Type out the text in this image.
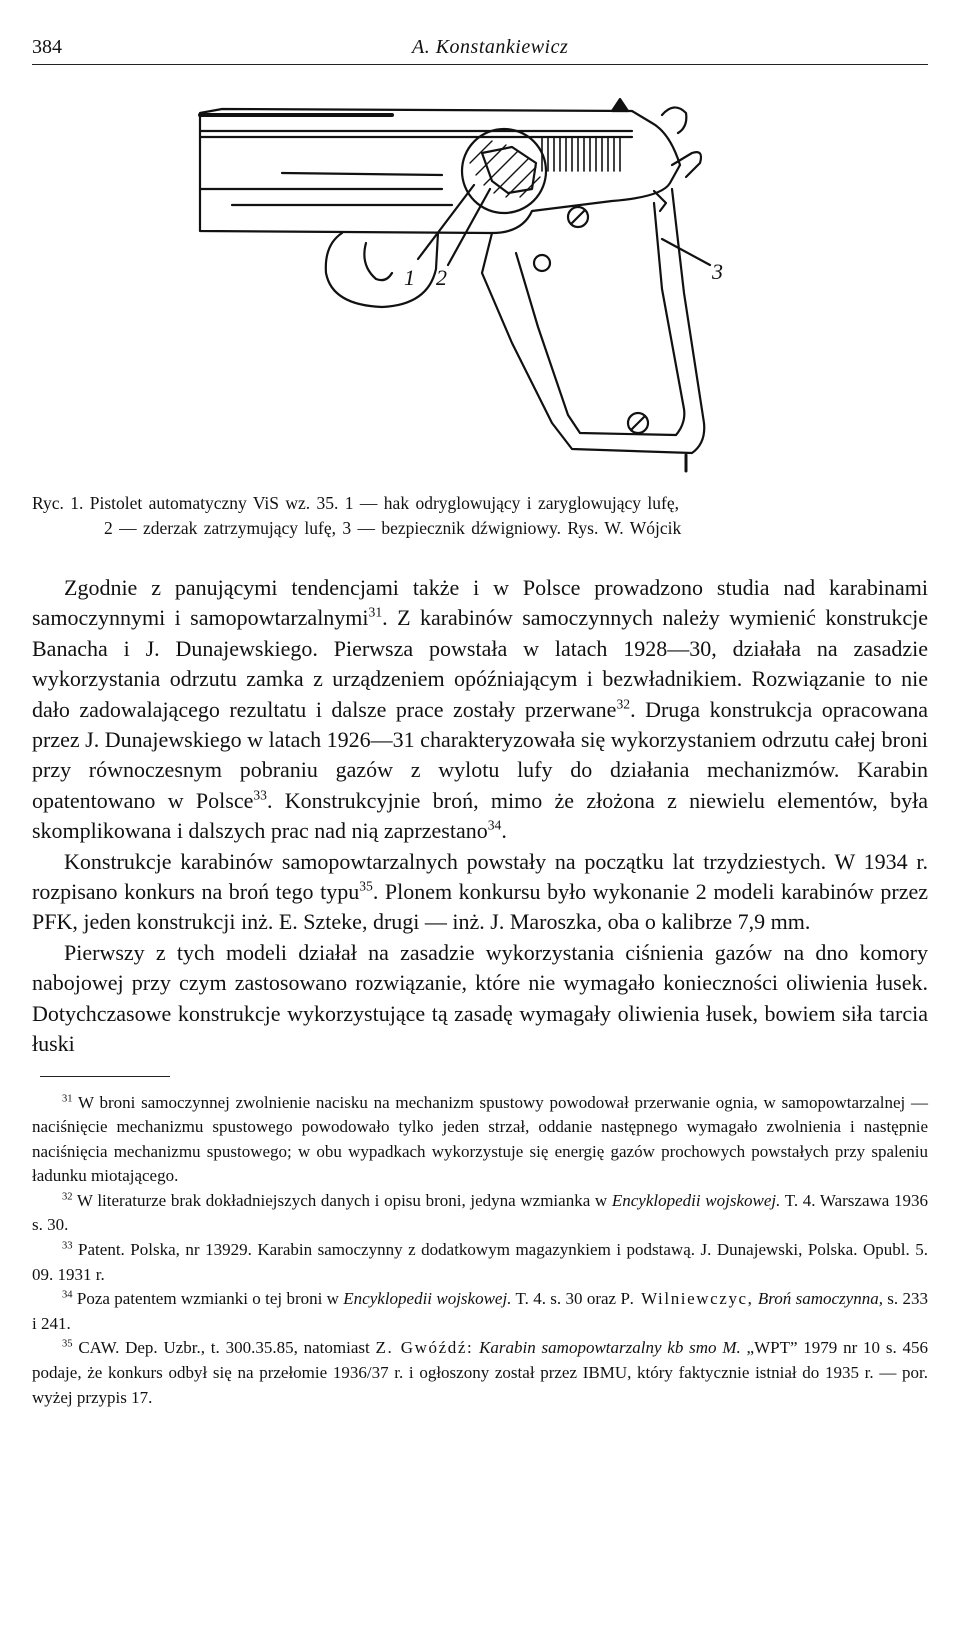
384	A. Konstankiewicz
1 2	3
Ryc. 1. Pistolet automatyczny ViS wz. 35. 1 — hak odryglowujący i zaryglowujący lufę,
2 — zderzak zatrzymujący lufę, 3 — bezpiecznik dźwigniowy. Rys. W. Wójcik

Zgodnie z panującymi tendencjami także i w Polsce prowadzono studia nad karabinami samoczynnymi i samopowtarzalnymi$^{31}$. Z karabinów samoczynnych należy wymienić konstrukcje Banacha i J. Dunajewskiego. Pierwsza powstała w latach 1928—30, działała na zasadzie wykorzystania odrzutu zamka z urządzeniem opóźniającym i bezwładnikiem. Rozwiązanie to nie dało zadowalającego rezultatu i dalsze prace zostały przerwane$^{32}$. Druga konstrukcja opracowana przez J. Dunajewskiego w latach 1926—31 charakteryzowała się wykorzystaniem odrzutu całej broni przy równoczesnym pobraniu gazów z wylotu lufy do działania mechanizmów. Karabin opatentowano w Polsce$^{33}$. Konstrukcyjnie broń, mimo że złożona z niewielu elementów, była skomplikowana i dalszych prac nad nią zaprzestano$^{34}$.

Konstrukcje karabinów samopowtarzalnych powstały na początku lat trzydziestych. W 1934 r. rozpisano konkurs na broń tego typu$^{35}$. Plonem konkursu było wykonanie 2 modeli karabinów przez PFK, jeden konstrukcji inż. E. Szteke, drugi — inż. J. Maroszka, oba o kalibrze 7,9 mm.

Pierwszy z tych modeli działał na zasadzie wykorzystania ciśnienia gazów na dno komory nabojowej przy czym zastosowano rozwiązanie, które nie wymagało konieczności oliwienia łusek. Dotychczasowe konstrukcje wykorzystujące tą zasadę wymagały oliwienia łusek, bowiem siła tarcia łuski

$^{31}$ W broni samoczynnej zwolnienie nacisku na mechanizm spustowy powodował przerwanie ognia, w samopowtarzalnej — naciśnięcie mechanizmu spustowego powodowało tylko jeden strzał, oddanie następnego wymagało zwolnienia i następnie naciśnięcia mechanizmu spustowego; w obu wypadkach wykorzystuje się energię gazów prochowych powstałych przy spaleniu ładunku miotającego.

$^{32}$ W literaturze brak dokładniejszych danych i opisu broni, jedyna wzmianka w Encyklopedii wojskowej. T. 4. Warszawa 1936 s. 30.

$^{33}$ Patent. Polska, nr 13929. Karabin samoczynny z dodatkowym magazynkiem i podstawą. J. Dunajewski, Polska. Opubl. 5. 09. 1931 r.

$^{34}$ Poza patentem wzmianki o tej broni w Encyklopedii wojskowej. T. 4. s. 30 oraz P. Wilniewczyc, Broń samoczynna, s. 233 i 241.

$^{35}$ CAW. Dep. Uzbr., t. 300.35.85, natomiast Z. Gwóźdź: Karabin samopowtarzalny kb smo M. „WPT” 1979 nr 10 s. 456 podaje, że konkurs odbył się na przełomie 1936/37 r. i ogłoszony został przez IBMU, który faktycznie istniał do 1935 r. — por. wyżej przypis 17.
